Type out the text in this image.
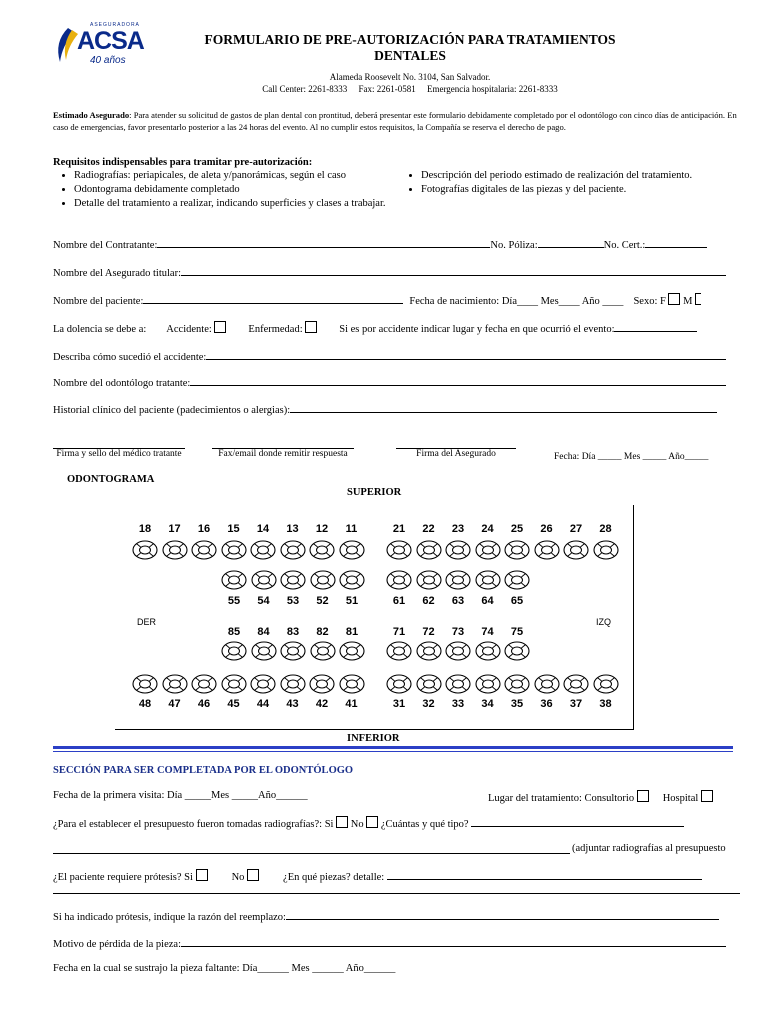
ASEGURADORA
ACSA
40 años
FORMULARIO DE PRE-AUTORIZACIÓN PARA TRATAMIENTOS
DENTALES
Alameda Roosevelt No. 3104, San Salvador.
Call Center: 2261-8333     Fax: 2261-0581     Emergencia hospitalaria: 2261-8333
Estimado Asegurado: Para atender su solicitud de gastos de plan dental con prontitud, deberá presentar este formulario debidamente completado por el odontólogo con cinco días de anticipación. En caso de emergencias, favor presentarlo posterior a las 24 horas del evento. Al no cumplir estos requisitos, la Compañía se reserva el derecho de pago.
Requisitos indispensables para tramitar pre-autorización:
• Radiografías: periapicales, de aleta y/panorámicas, según el caso
• Odontograma debidamente completado
• Detalle del tratamiento a realizar, indicando superficies y clases a trabajar.
• Descripción del periodo estimado de realización del tratamiento.
• Fotografías digitales de las piezas y del paciente.
Nombre del Contratante:	No. Póliza:	No. Cert.:
Nombre del Asegurado titular:
Nombre del paciente:	Fecha de nacimiento: Día____ Mes____ Año ____ Sexo: F M
La dolencia se debe a: Accidente:	Enfermedad:	Si es por accidente indicar lugar y fecha en que ocurrió el evento:
Describa cómo sucedió el accidente:
Nombre del odontólogo tratante:
Historial clínico del paciente (padecimientos o alergias):
Firma y sello del médico tratante	Fax/email donde remitir respuesta	Firma del Asegurado	Fecha: Día _____ Mes _____ Año_____
ODONTOGRAMA
SUPERIOR
DER	IZQ
INFERIOR
SECCIÓN PARA SER COMPLETADA POR EL ODONTÓLOGO
Fecha de la primera visita: Día _____Mes _____Año______	Lugar del tratamiento: Consultorio	Hospital
¿Para el establecer el presupuesto fueron tomadas radiografías?: Si No ¿Cuántas y qué tipo?
(adjuntar radiografías al presupuesto
¿El paciente requiere prótesis? Si	No	¿En qué piezas? detalle:
Si ha indicado prótesis, indique la razón del reemplazo:
Motivo de pérdida de la pieza:
Fecha en la cual se sustrajo la pieza faltante: Día______ Mes ______ Año______
18	17	16	15	14	13	12	11	21	22	23	24	25	26	27	28
55	54	53	52	51	61	62	63	64	65
85	84	83	82	81	71	72	73	74	75
48	47	46	45	44	43	42	41	31	32	33	34	35	36	37	38
